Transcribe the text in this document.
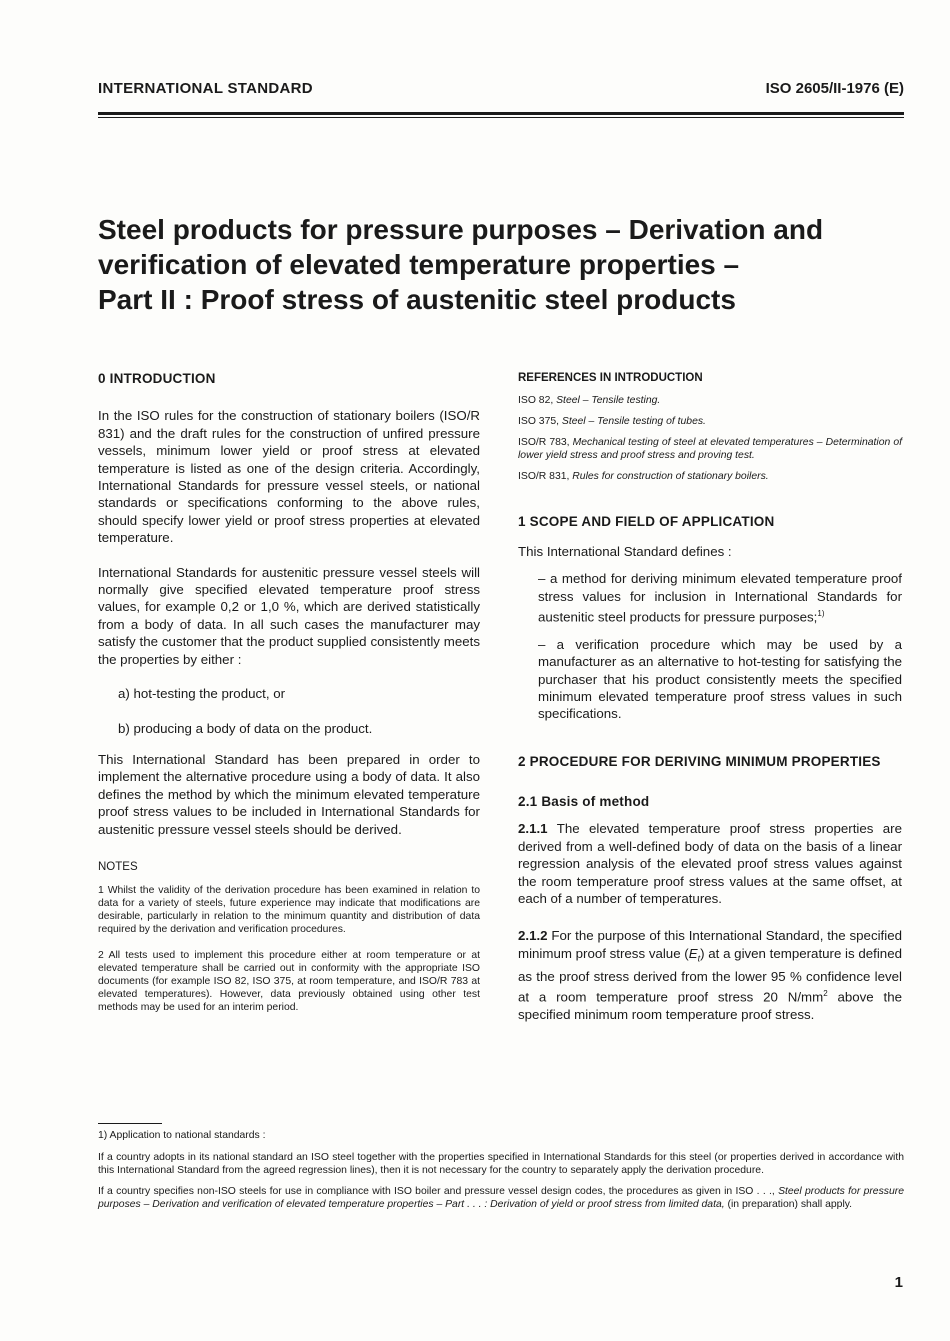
INTERNATIONAL STANDARD	ISO 2605/II-1976 (E)
Steel products for pressure purposes – Derivation and
verification of elevated temperature properties –
Part II : Proof stress of austenitic steel products
0 INTRODUCTION

In the ISO rules for the construction of stationary boilers (ISO/R 831) and the draft rules for the construction of unfired pressure vessels, minimum lower yield or proof stress at elevated temperature is listed as one of the design criteria. Accordingly, International Standards for pressure vessel steels, or national standards or specifications conforming to the above rules, should specify lower yield or proof stress properties at elevated temperature.

International Standards for austenitic pressure vessel steels will normally give specified elevated temperature proof stress values, for example 0,2 or 1,0 %, which are derived statistically from a body of data. In all such cases the manufacturer may satisfy the customer that the product supplied consistently meets the properties by either :

a) hot-testing the product, or

b) producing a body of data on the product.

This International Standard has been prepared in order to implement the alternative procedure using a body of data. It also defines the method by which the minimum elevated temperature proof stress values to be included in International Standards for austenitic pressure vessel steels should be derived.

NOTES

1 Whilst the validity of the derivation procedure has been examined in relation to data for a variety of steels, future experience may indicate that modifications are desirable, particularly in relation to the minimum quantity and distribution of data required by the derivation and verification procedures.

2 All tests used to implement this procedure either at room temperature or at elevated temperature shall be carried out in conformity with the appropriate ISO documents (for example ISO 82, ISO 375, at room temperature, and ISO/R 783 at elevated temperatures). However, data previously obtained using other test methods may be used for an interim period.

REFERENCES IN INTRODUCTION

ISO 82, Steel – Tensile testing.

ISO 375, Steel – Tensile testing of tubes.

ISO/R 783, Mechanical testing of steel at elevated temperatures – Determination of lower yield stress and proof stress and proving test.

ISO/R 831, Rules for construction of stationary boilers.

1 SCOPE AND FIELD OF APPLICATION

This International Standard defines :

– a method for deriving minimum elevated temperature proof stress values for inclusion in International Standards for austenitic steel products for pressure purposes;$^{1)}$

– a verification procedure which may be used by a manufacturer as an alternative to hot-testing for satisfying the purchaser that his product consistently meets the specified minimum elevated temperature proof stress values in such specifications.

2 PROCEDURE FOR DERIVING MINIMUM PROPERTIES
2.1 Basis of method

2.1.1 The elevated temperature proof stress properties are derived from a well-defined body of data on the basis of a linear regression analysis of the elevated proof stress values against the room temperature proof stress values at the same offset, at each of a number of temperatures.

2.1.2 For the purpose of this International Standard, the specified minimum proof stress value $(E_t)$ at a given temperature is defined as the proof stress derived from the lower 95 % confidence level at a room temperature proof stress 20 $N/mm^2$ above the specified minimum room temperature proof stress.

1) Application to national standards :

If a country adopts in its national standard an ISO steel together with the properties specified in International Standards for this steel (or properties derived in accordance with this International Standard from the agreed regression lines), then it is not necessary for the country to separately apply the derivation procedure.

If a country specifies non-ISO steels for use in compliance with ISO boiler and pressure vessel design codes, the procedures as given in ISO . . ., Steel products for pressure purposes – Derivation and verification of elevated temperature properties – Part . . . : Derivation of yield or proof stress from limited data, (in preparation) shall apply.

1
